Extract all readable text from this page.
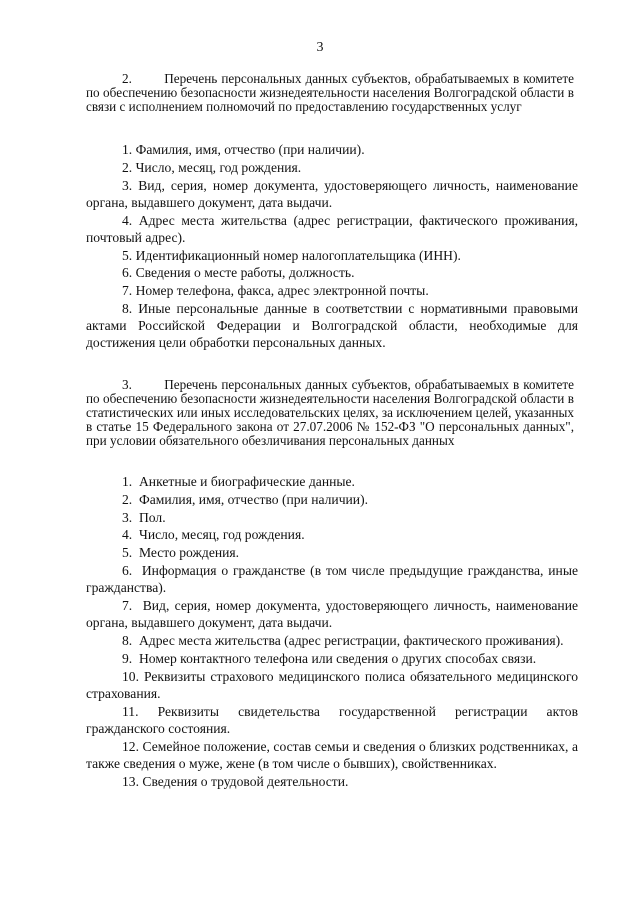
3
2.        Перечень персональных данных субъектов, обрабатываемых в комитете по обеспечению безопасности жизнедеятельности населения Волгоградской области в связи с исполнением полномочий по предоставлению государственных услуг

1. Фамилия, имя, отчество (при наличии).

2. Число, месяц, год рождения.

3. Вид, серия, номер документа, удостоверяющего личность, наименование органа, выдавшего документ, дата выдачи.

4. Адрес места жительства (адрес регистрации, фактического проживания, почтовый адрес).

5. Идентификационный номер налогоплательщика (ИНН).

6. Сведения о месте работы, должность.

7. Номер телефона, факса, адрес электронной почты.

8. Иные персональные данные в соответствии с нормативными правовыми актами Российской Федерации и Волгоградской области, необходимые для достижения цели обработки персональных данных.

3.        Перечень персональных данных субъектов, обрабатываемых в комитете по обеспечению безопасности жизнедеятельности населения Волгоградской области в статистических или иных исследовательских целях, за исключением целей, указанных в статье 15 Федерального закона от 27.07.2006 № 152-ФЗ "О персональных данных", при условии обязательного обезличивания персональных данных

1.  Анкетные и биографические данные.

2.  Фамилия, имя, отчество (при наличии).

3.  Пол.

4.  Число, месяц, год рождения.

5.  Место рождения.

6.  Информация о гражданстве (в том числе предыдущие гражданства, иные гражданства).

7.  Вид, серия, номер документа, удостоверяющего личность, наименование органа, выдавшего документ, дата выдачи.

8.  Адрес места жительства (адрес регистрации, фактического проживания).

9.  Номер контактного телефона или сведения о других способах связи.

10. Реквизиты страхового медицинского полиса обязательного медицинского страхования.

11. Реквизиты свидетельства государственной регистрации актов гражданского состояния.

12. Семейное положение, состав семьи и сведения о близких родственниках, а также сведения о муже, жене (в том числе о бывших), свойственниках.

13. Сведения о трудовой деятельности.
